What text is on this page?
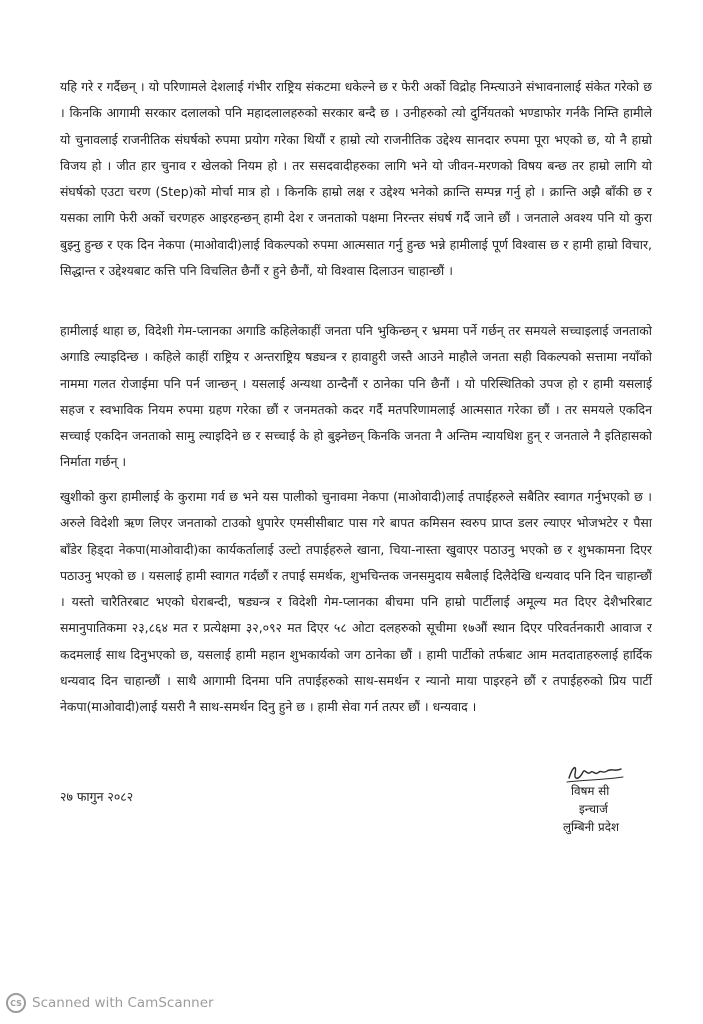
यहि गरे र गर्दैछन् । यो परिणामले देशलाई गंभीर राष्ट्रिय संकटमा धकेल्ने छ र फेरी अर्को विद्रोह निम्त्याउने संभावनालाई संकेत गरेको छ । किनकि आगामी सरकार दलालको पनि महादलालहरुको सरकार बन्दै छ । उनीहरुको त्यो दुर्नियतको भण्डाफोर गर्नकै निम्ति हामीले यो चुनावलाई राजनीतिक संघर्षको रुपमा प्रयोग गरेका थियौं र हाम्रो त्यो राजनीतिक उद्देश्य सानदार रुपमा पूरा भएको छ, यो नै हाम्रो विजय हो । जीत हार चुनाव र खेलको नियम हो । तर ससदवादीहरुका लागि भने यो जीवन-मरणको विषय बन्छ तर हाम्रो लागि यो संघर्षको एउटा चरण (Step)को मोर्चा मात्र हो । किनकि हाम्रो लक्ष र उद्देश्य भनेको क्रान्ति सम्पन्न गर्नु हो । क्रान्ति अझै बाँकी छ र यसका लागि फेरी अर्को चरणहरु आइरहन्छन् हामी देश र जनताको पक्षमा निरन्तर संघर्ष गर्दै जाने छौं । जनताले अवश्य पनि यो कुरा बुझ्नु हुन्छ र एक दिन नेकपा (माओवादी)लाई विकल्पको रुपमा आत्मसात गर्नु हुन्छ भन्ने हामीलाई पूर्ण विश्वास छ र हामी हाम्रो विचार, सिद्धान्त र उद्देश्यबाट कत्ति पनि विचलित छैनौं र हुने छैनौं, यो विश्वास दिलाउन चाहान्छौं ।

हामीलाई थाहा छ, विदेशी गेम-प्लानका अगाडि कहिलेकाहीं जनता पनि भुकिन्छन् र भ्रममा पर्ने गर्छन् तर समयले सच्चाइलाई जनताको अगाडि ल्याइदिन्छ । कहिले काहीं राष्ट्रिय र अन्तराष्ट्रिय षड्यन्त्र र हावाहुरी जस्तै आउने माहौले जनता सही विकल्पको सत्तामा नयाँको नाममा गलत रोजाईमा पनि पर्न जान्छन् । यसलाई अन्यथा ठान्दैनौं र ठानेका पनि छैनौं । यो परिस्थितिको उपज हो र हामी यसलाई सहज र स्वभाविक नियम रुपमा ग्रहण गरेका छौं र जनमतको कदर गर्दै मतपरिणामलाई आत्मसात गरेका छौं । तर समयले एकदिन सच्चाई एकदिन जनताको सामु ल्याइदिने छ र सच्चाई के हो बुझ्नेछन् किनकि जनता नै अन्तिम न्यायधिश हुन् र जनताले नै इतिहासको निर्माता गर्छन् ।

खुशीको कुरा हामीलाई के कुरामा गर्व छ भने यस पालीको चुनावमा नेकपा (माओवादी)लाई तपाईहरुले सबैतिर स्वागत गर्नुभएको छ । अरुले विदेशी ऋण लिएर जनताको टाउको धुपारेर एमसीसीबाट पास गरे बापत कमिसन स्वरुप प्राप्त डलर ल्याएर भोजभटेर र पैसा बाँडेर हिड्दा नेकपा(माओवादी)का कार्यकर्तालाई उल्टो तपाईहरुले खाना, चिया-नास्ता खुवाएर पठाउनु भएको छ र शुभकामना दिएर पठाउनु भएको छ । यसलाई हामी स्वागत गर्दछौं र तपाई समर्थक, शुभचिन्तक जनसमुदाय सबैलाई दिलैदेखि धन्यवाद पनि दिन चाहान्छौं । यस्तो चारैतिरबाट भएको घेराबन्दी, षड्यन्त्र र विदेशी गेम-प्लानका बीचमा पनि हाम्रो पार्टीलाई अमूल्य मत दिएर देशैभरिबाट समानुपातिकमा २३,८६४ मत र प्रत्येक्षमा ३२,०९२ मत दिएर ५८ ओटा दलहरुको सूचीमा १७औं स्थान दिएर परिवर्तनकारी आवाज र कदमलाई साथ दिनुभएको छ, यसलाई हामी महान शुभकार्यको जग ठानेका छौं । हामी पार्टीको तर्फबाट आम मतदाताहरुलाई हार्दिक धन्यवाद दिन चाहान्छौं । साथै आगामी दिनमा पनि तपाईहरुको साथ-समर्थन र न्यानो माया पाइरहने छौं र तपाईहरुको प्रिय पार्टी नेकपा(माओवादी)लाई यसरी नै साथ-समर्थन दिनु हुने छ । हामी सेवा गर्न तत्पर छौं । धन्यवाद ।

२७ फागुन २०८२	विषम सी

इन्चार्ज

लुम्बिनी प्रदेश

CS Scanned with CamScanner
